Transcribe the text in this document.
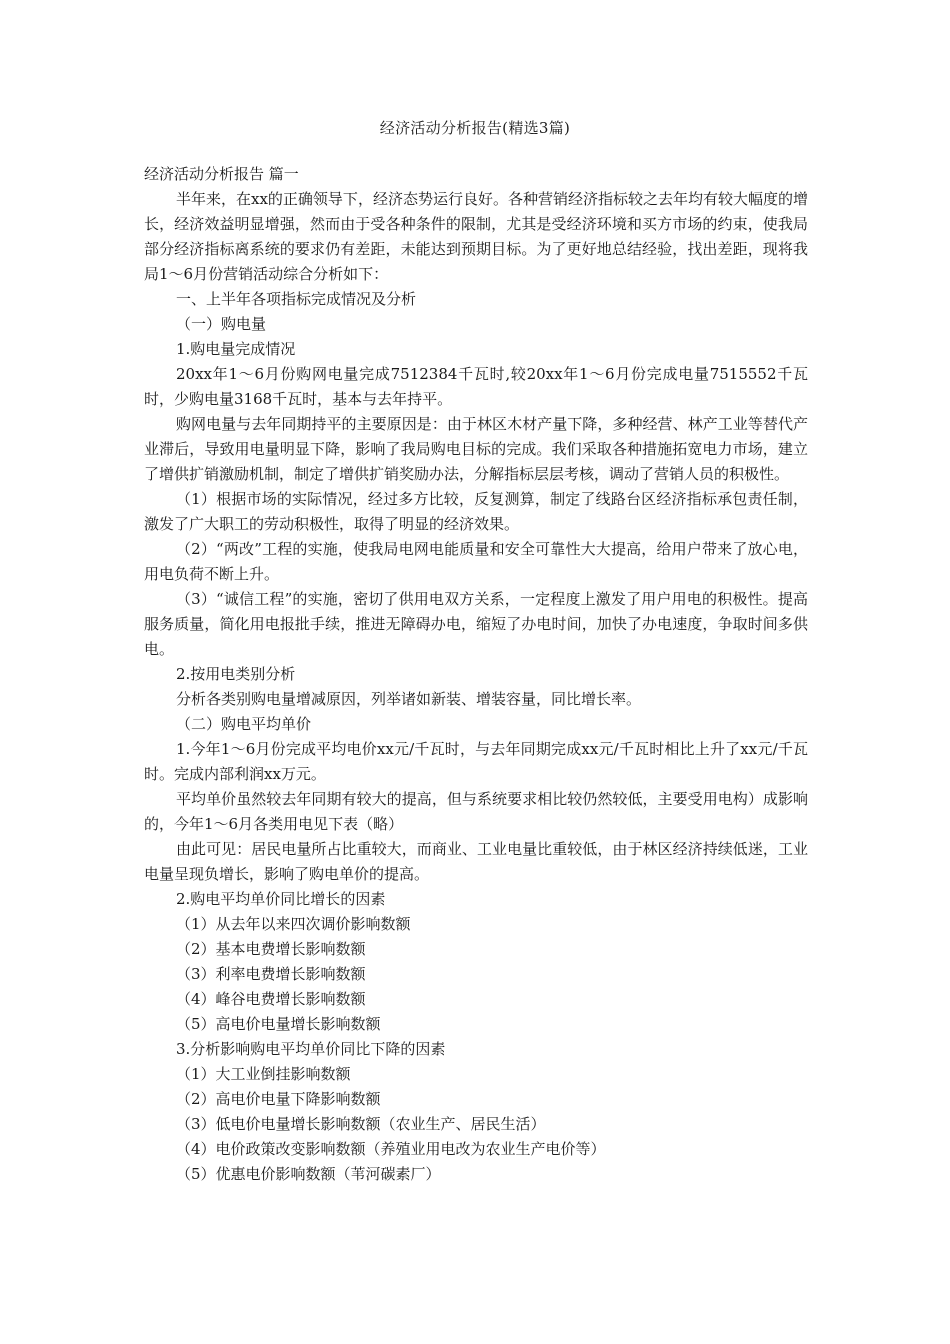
经济活动分析报告(精选3篇)

经济活动分析报告 篇一

半年来，在xx的正确领导下，经济态势运行良好。各种营销经济指标较之去年均有较大幅度的增长，经济效益明显增强，然而由于受各种条件的限制，尤其是受经济环境和买方市场的约束，使我局部分经济指标离系统的要求仍有差距，未能达到预期目标。为了更好地总结经验，找出差距，现将我局1～6月份营销活动综合分析如下：

一、上半年各项指标完成情况及分析

（一）购电量

1.购电量完成情况

20xx年1～6月份购网电量完成7512384千瓦时,较20xx年1～6月份完成电量7515552千瓦时，少购电量3168千瓦时，基本与去年持平。

购网电量与去年同期持平的主要原因是：由于林区木材产量下降，多种经营、林产工业等替代产业滞后，导致用电量明显下降，影响了我局购电目标的完成。我们采取各种措施拓宽电力市场，建立了增供扩销激励机制，制定了增供扩销奖励办法，分解指标层层考核，调动了营销人员的积极性。

（1）根据市场的实际情况，经过多方比较，反复测算，制定了线路台区经济指标承包责任制，激发了广大职工的劳动积极性，取得了明显的经济效果。

（2）“两改”工程的实施，使我局电网电能质量和安全可靠性大大提高，给用户带来了放心电，用电负荷不断上升。

（3）“诚信工程”的实施，密切了供用电双方关系，一定程度上激发了用户用电的积极性。提高服务质量，简化用电报批手续，推进无障碍办电，缩短了办电时间，加快了办电速度，争取时间多供电。

2.按用电类别分析

分析各类别购电量增减原因，列举诸如新装、增装容量，同比增长率。

（二）购电平均单价

1.今年1～6月份完成平均电价xx元/千瓦时，与去年同期完成xx元/千瓦时相比上升了xx元/千瓦时。完成内部利润xx万元。

平均单价虽然较去年同期有较大的提高，但与系统要求相比较仍然较低，主要受用电构）成影响的，今年1～6月各类用电见下表（略）

由此可见：居民电量所占比重较大，而商业、工业电量比重较低，由于林区经济持续低迷，工业电量呈现负增长，影响了购电单价的提高。

2.购电平均单价同比增长的因素

（1）从去年以来四次调价影响数额

（2）基本电费增长影响数额

（3）利率电费增长影响数额

（4）峰谷电费增长影响数额

（5）高电价电量增长影响数额

3.分析影响购电平均单价同比下降的因素

（1）大工业倒挂影响数额

（2）高电价电量下降影响数额

（3）低电价电量增长影响数额（农业生产、居民生活）

（4）电价政策改变影响数额（养殖业用电改为农业生产电价等）

（5）优惠电价影响数额（苇河碳素厂）
